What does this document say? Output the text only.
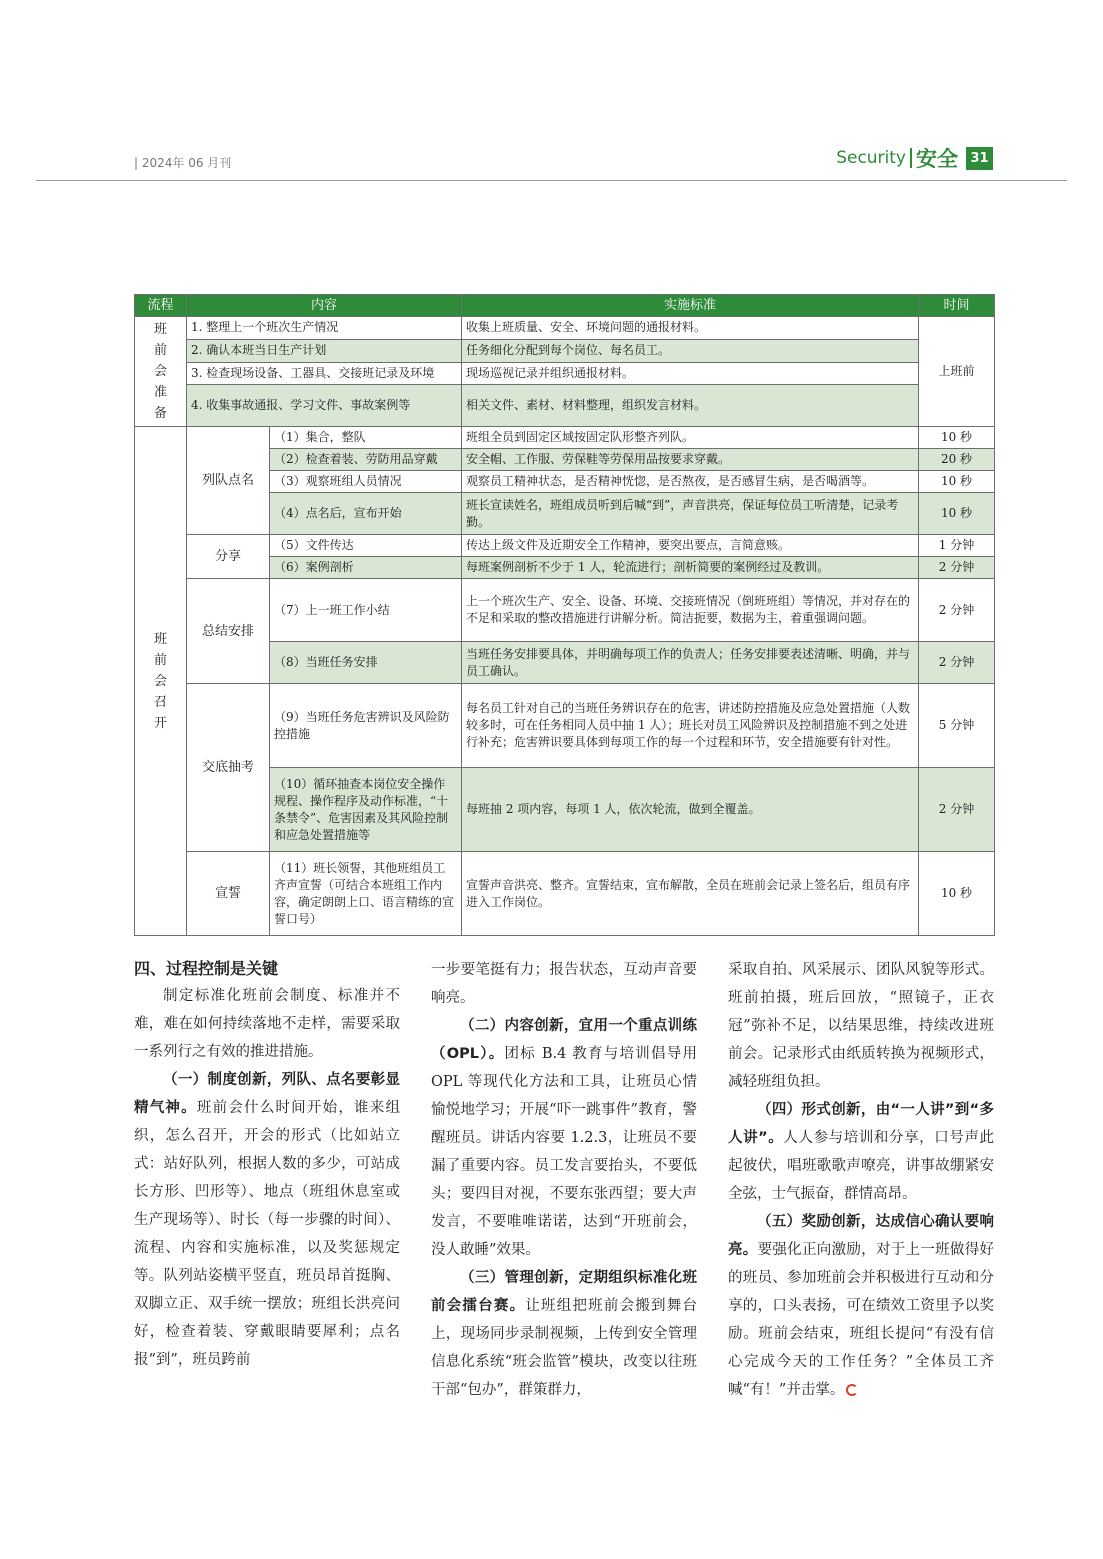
| 2024年 06 月刊	Security 安全 31
流程	内容		实施标准	时间

班前会准备	1. 整理上一个班次生产情况		收集上班质量、安全、环境问题的通报材料。	上班前
	2. 确认本班当日生产计划		任务细化分配到每个岗位、每名员工。	
	3. 检查现场设备、工器具、交接班记录及环境		现场巡视记录并组织通报材料。	
	4. 收集事故通报、学习文件、事故案例等		相关文件、素材、材料整理，组织发言材料。	

班前会召开	列队点名	（1）集合，整队	班组全员到固定区域按固定队形整齐列队。	10 秒
		（2）检查着装、劳防用品穿戴	安全帽、工作服、劳保鞋等劳保用品按要求穿戴。	20 秒
		（3）观察班组人员情况	观察员工精神状态，是否精神恍惚，是否熬夜，是否感冒生病，是否喝酒等。	10 秒
		（4）点名后，宣布开始	班长宣读姓名，班组成员听到后喊“到”，声音洪亮，保证每位员工听清楚，记录考勤。	10 秒
	分享	（5）文件传达	传达上级文件及近期安全工作精神，要突出要点，言简意赅。	1 分钟
		（6）案例剖析	每班案例剖析不少于 1 人，轮流进行；剖析简要的案例经过及教训。	2 分钟
	总结安排	（7）上一班工作小结	上一个班次生产、安全、设备、环境、交接班情况（倒班班组）等情况，并对存在的不足和采取的整改措施进行讲解分析。简洁扼要，数据为主，着重强调问题。	2 分钟
		（8）当班任务安排	当班任务安排要具体，并明确每项工作的负责人；任务安排要表述清晰、明确，并与员工确认。	2 分钟
	交底抽考	（9）当班任务危害辨识及风险防控措施	每名员工针对自己的当班任务辨识存在的危害，讲述防控措施及应急处置措施（人数较多时，可在任务相同人员中抽 1 人）；班长对员工风险辨识及控制措施不到之处进行补充；危害辨识要具体到每项工作的每一个过程和环节，安全措施要有针对性。	5 分钟
		（10）循环抽查本岗位安全操作规程、操作程序及动作标准，“十条禁令”、危害因素及其风险控制和应急处置措施等	每班抽 2 项内容，每项 1 人，依次轮流，做到全覆盖。	2 分钟
	宣誓	（11）班长领誓，其他班组员工齐声宣誓（可结合本班组工作内容，确定朗朗上口、语言精练的宣誓口号）	宣誓声音洪亮、整齐。宣誓结束，宣布解散，全员在班前会记录上签名后，组员有序进入工作岗位。	10 秒

四、过程控制是关键

制定标准化班前会制度、标准并不难，难在如何持续落地不走样，需要采取一系列行之有效的推进措施。

（一）制度创新，列队、点名要彰显精气神。班前会什么时间开始，谁来组织，怎么召开，开会的形式（比如站立式：站好队列，根据人数的多少，可站成长方形、凹形等）、地点（班组休息室或生产现场等）、时长（每一步骤的时间）、流程、内容和实施标准，以及奖惩规定等。队列站姿横平竖直，班员昂首挺胸、双脚立正、双手统一摆放；班组长洪亮问好，检查着装、穿戴眼睛要犀利；点名报“到”，班员跨前

一步要笔挺有力；报告状态，互动声音要响亮。

（二）内容创新，宜用一个重点训练（OPL）。团标 B.4 教育与培训倡导用 OPL 等现代化方法和工具，让班员心情愉悦地学习；开展“吓一跳事件”教育，警醒班员。讲话内容要 1.2.3，让班员不要漏了重要内容。员工发言要抬头，不要低头；要四目对视，不要东张西望；要大声发言，不要唯唯诺诺，达到“开班前会，没人敢睡”效果。

（三）管理创新，定期组织标准化班前会擂台赛。让班组把班前会搬到舞台上，现场同步录制视频，上传到安全管理信息化系统“班会监管”模块，改变以往班干部“包办”，群策群力，

采取自拍、风采展示、团队风貌等形式。班前拍摄，班后回放，“照镜子，正衣冠”弥补不足，以结果思维，持续改进班前会。记录形式由纸质转换为视频形式，减轻班组负担。

（四）形式创新，由“一人讲”到“多人讲”。人人参与培训和分享，口号声此起彼伏，唱班歌歌声嘹亮，讲事故绷紧安全弦，士气振奋，群情高昂。

（五）奖励创新，达成信心确认要响亮。要强化正向激励，对于上一班做得好的班员、参加班前会并积极进行互动和分享的，口头表扬，可在绩效工资里予以奖励。班前会结束，班组长提问“有没有信心完成今天的工作任务？”全体员工齐喊“有！”并击掌。
